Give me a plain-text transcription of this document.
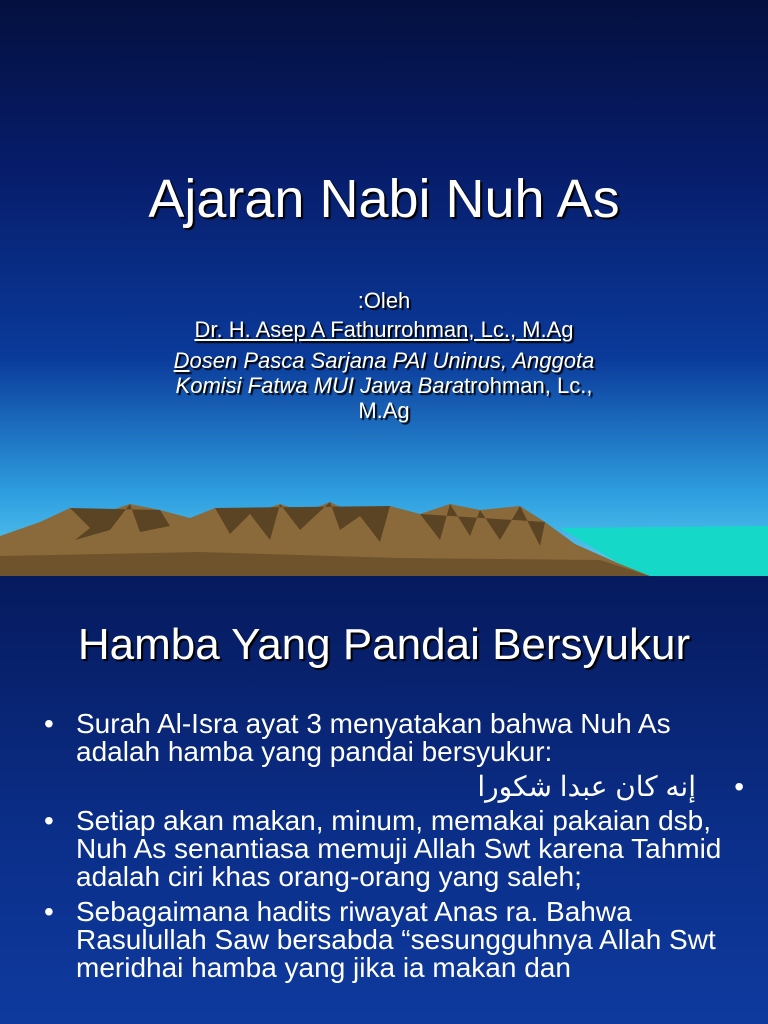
Ajaran Nabi Nuh As
:Oleh
Dr. H. Asep A Fathurrohman, Lc., M.Ag
Dosen Pasca Sarjana PAI Uninus, Anggota
Komisi Fatwa MUI Jawa Baratrohman, Lc.,
M.Ag
Hamba Yang Pandai Bersyukur
• Surah Al-Isra ayat 3 menyatakan bahwa Nuh As adalah hamba yang pandai bersyukur:
•
إنه كان عبدا شكورا
• Setiap akan makan, minum, memakai pakaian dsb, Nuh As senantiasa memuji Allah Swt karena Tahmid adalah ciri khas orang-orang yang saleh;
• Sebagaimana hadits riwayat Anas ra. Bahwa Rasulullah Saw bersabda “sesungguhnya Allah Swt meridhai hamba yang jika ia makan dan
